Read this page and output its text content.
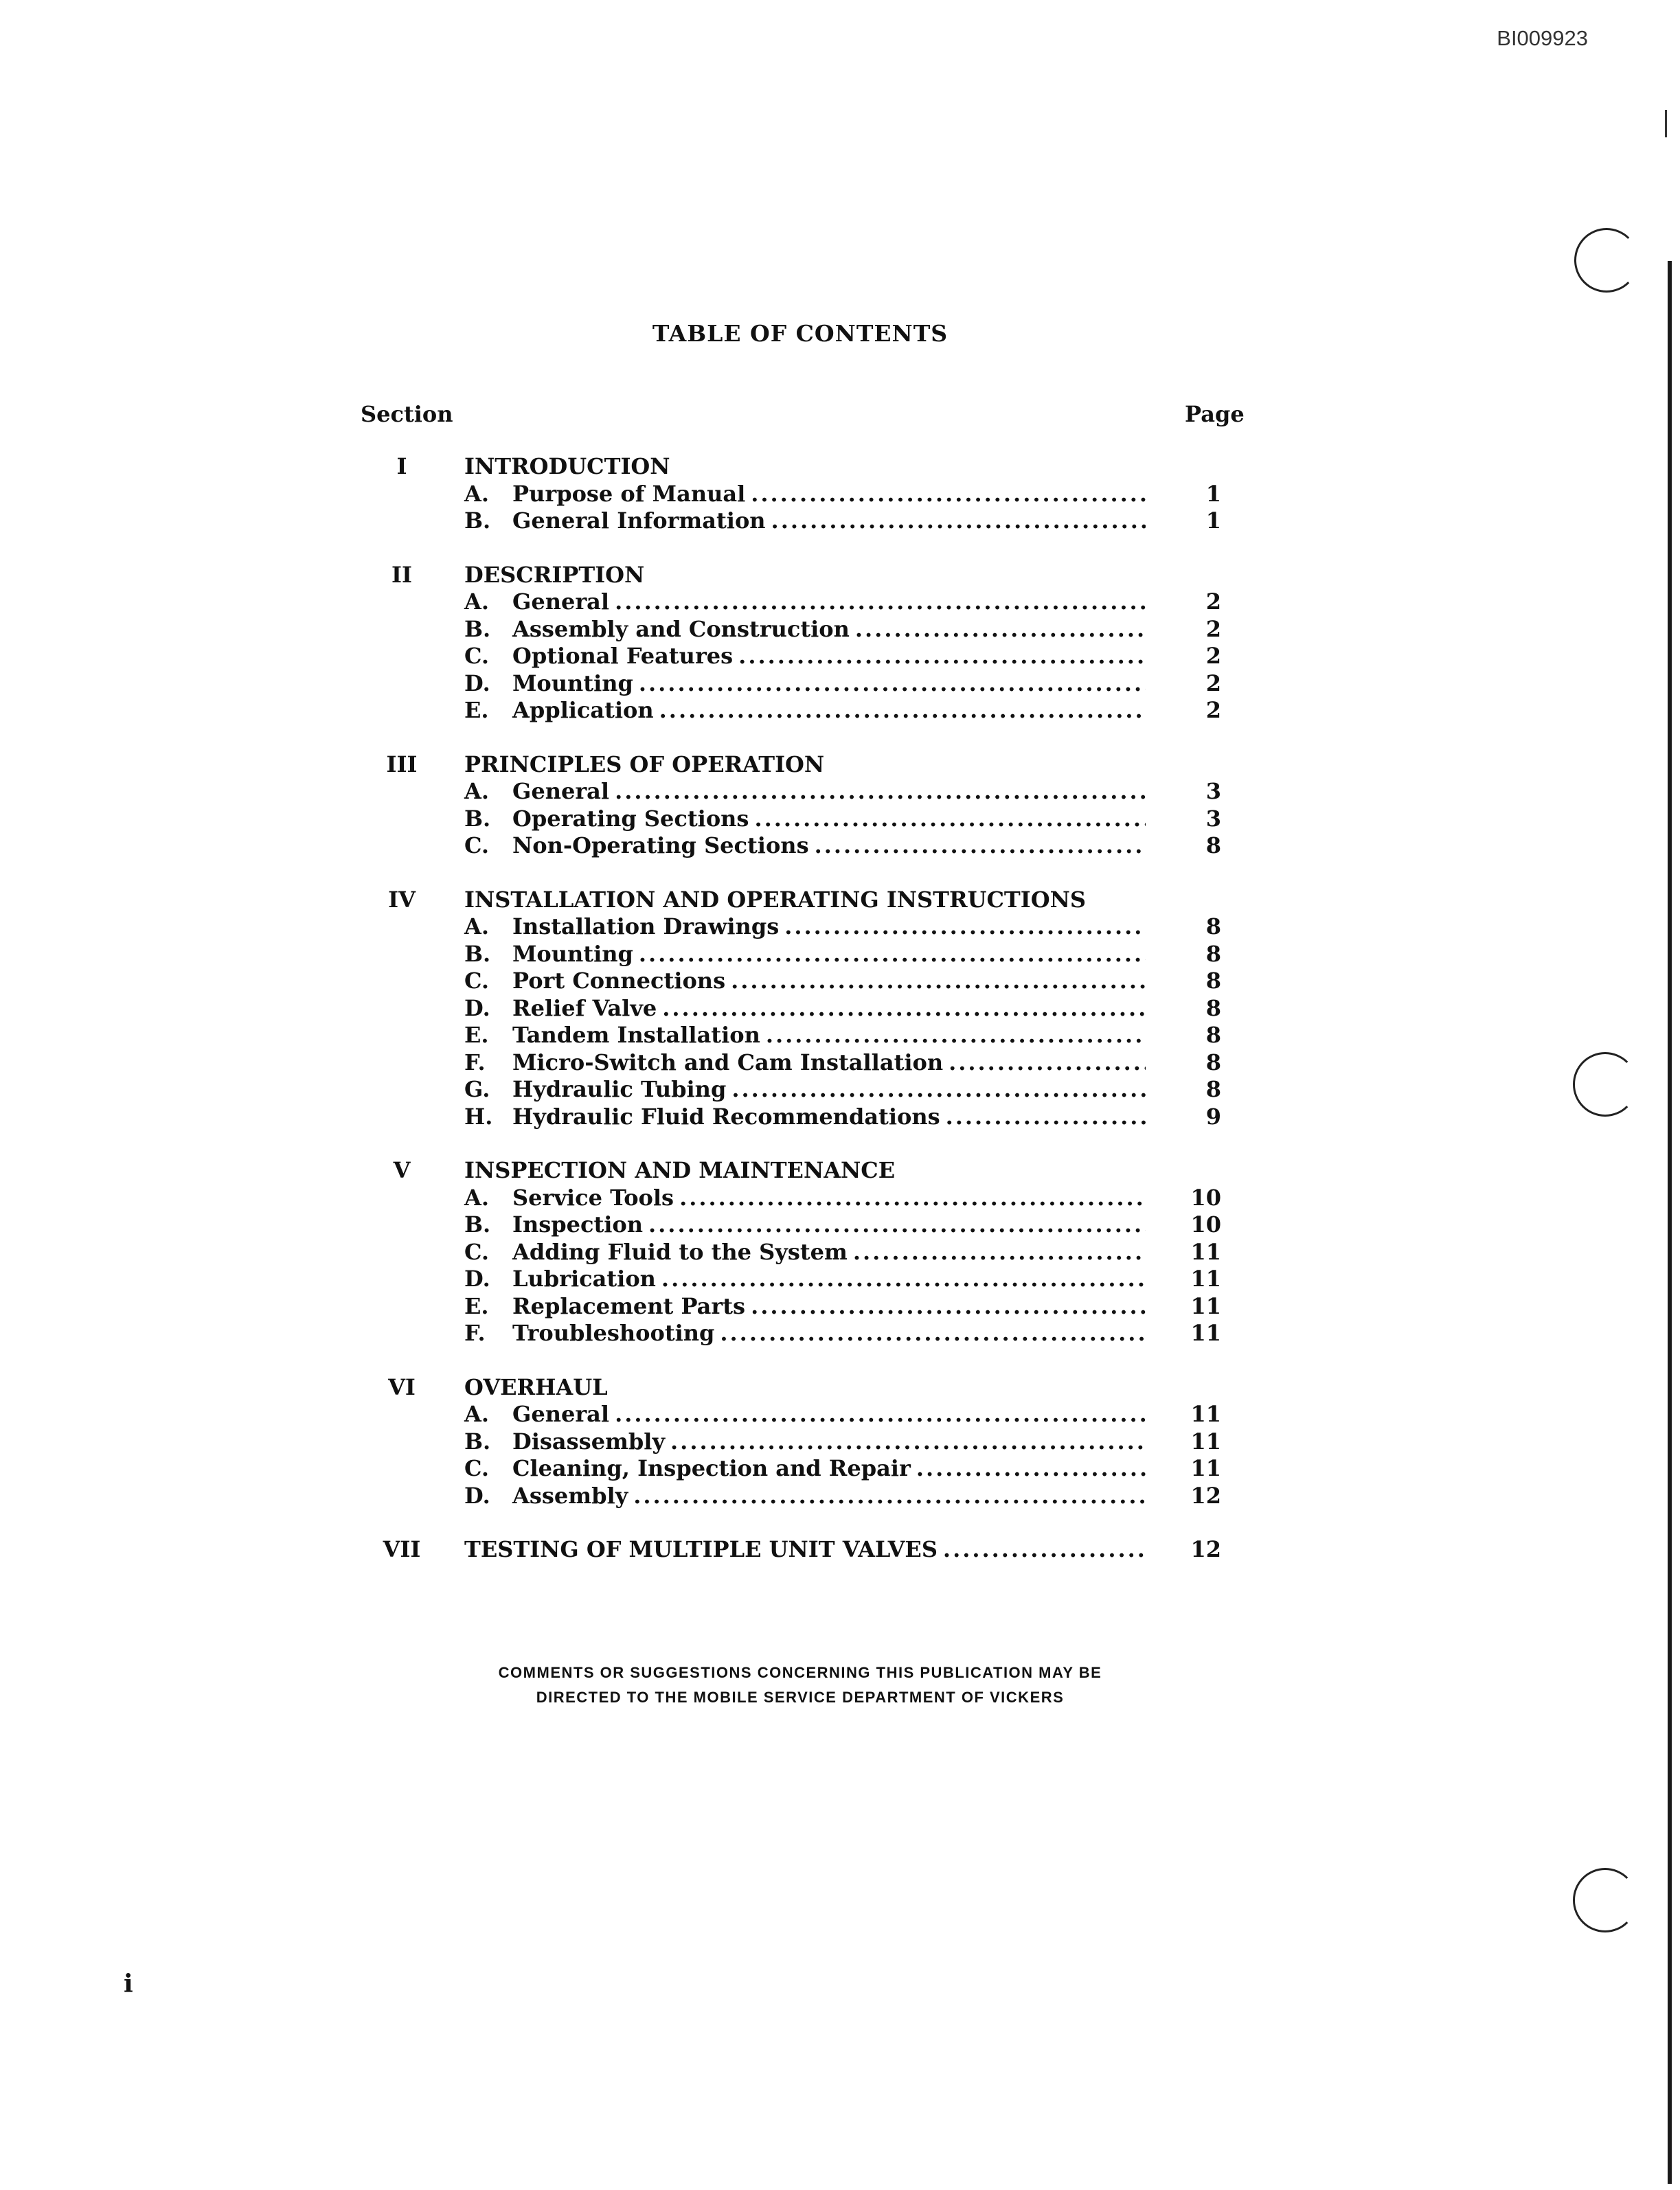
BI009923
TABLE OF CONTENTS
Section	Page
I	INTRODUCTION
A.	Purpose of Manual .....	1
B. General Information .....	1
II	DESCRIPTION
A.	General .....	2
B. Assembly and Construction .....	2
C.	Optional Features .....	2
D.	Mounting .....	2
E.	Application .....	2
III	PRINCIPLES OF OPERATION
A.	General .....	3
B. Operating Sections .....	3
C.	Non-Operating Sections .....	8
IV	INSTALLATION AND OPERATING INSTRUCTIONS
A.	Installation Drawings .....	8
B. Mounting .....	8
C.	Port Connections .....	8
D.	Relief Valve .....	8
E.	Tandem Installation .....	8
F.	Micro-Switch and Cam Installation .....	8
G.	Hydraulic Tubing .....	8
H. Hydraulic Fluid Recommendations .....	9
V	INSPECTION AND MAINTENANCE
A.	Service Tools .....	10
B. Inspection .....	10
C.	Adding Fluid to the System .....	11
D.	Lubrication .....	11
E.	Replacement Parts .....	11
F.	Troubleshooting .....	11
VI	OVERHAUL
A.	General .....	11
B. Disassembly .....	11
C.	Cleaning, Inspection and Repair .....	11
D.	Assembly .....	12
VII	TESTING OF MULTIPLE UNIT VALVES .....	12
COMMENTS OR SUGGESTIONS CONCERNING THIS PUBLICATION MAY BE
DIRECTED TO THE MOBILE SERVICE DEPARTMENT OF VICKERS
i
